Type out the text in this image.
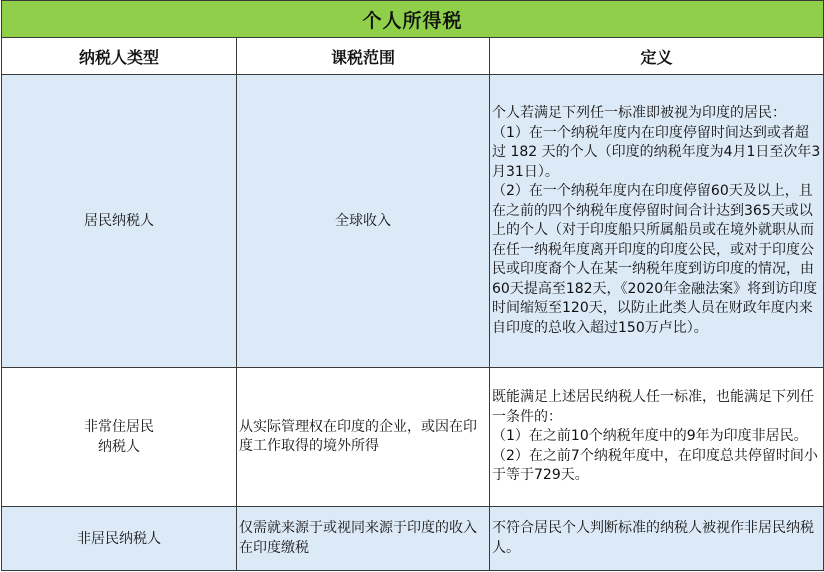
个人所得税		
纳税人类型	课税范围	定义

居民纳税人	全球收入	个人若满足下列任一标准即被视为印度的居民：
（1）在一个纳税年度内在印度停留时间达到或者超过 182 天的个人（印度的纳税年度为4月1日至次年3月31日）。
（2）在一个纳税年度内在印度停留60天及以上，且在之前的四个纳税年度停留时间合计达到365天或以上的个人（对于印度船只所属船员或在境外就职从而在任一纳税年度离开印度的印度公民，或对于印度公民或印度裔个人在某一纳税年度到访印度的情况，由60天提高至182天，《2020年金融法案》将到访印度时间缩短至120天，以防止此类人员在财政年度内来自印度的总收入超过150万卢比）。

非常住居民
纳税人	从实际管理权在印度的企业，或因在印度工作取得的境外所得	既能满足上述居民纳税人任一标准，也能满足下列任一条件的：
（1）在之前10个纳税年度中的9年为印度非居民。
（2）在之前7个纳税年度中，在印度总共停留时间小于等于729天。

非居民纳税人	仅需就来源于或视同来源于印度的收入在印度缴税	不符合居民个人判断标准的纳税人被视作非居民纳税人。
